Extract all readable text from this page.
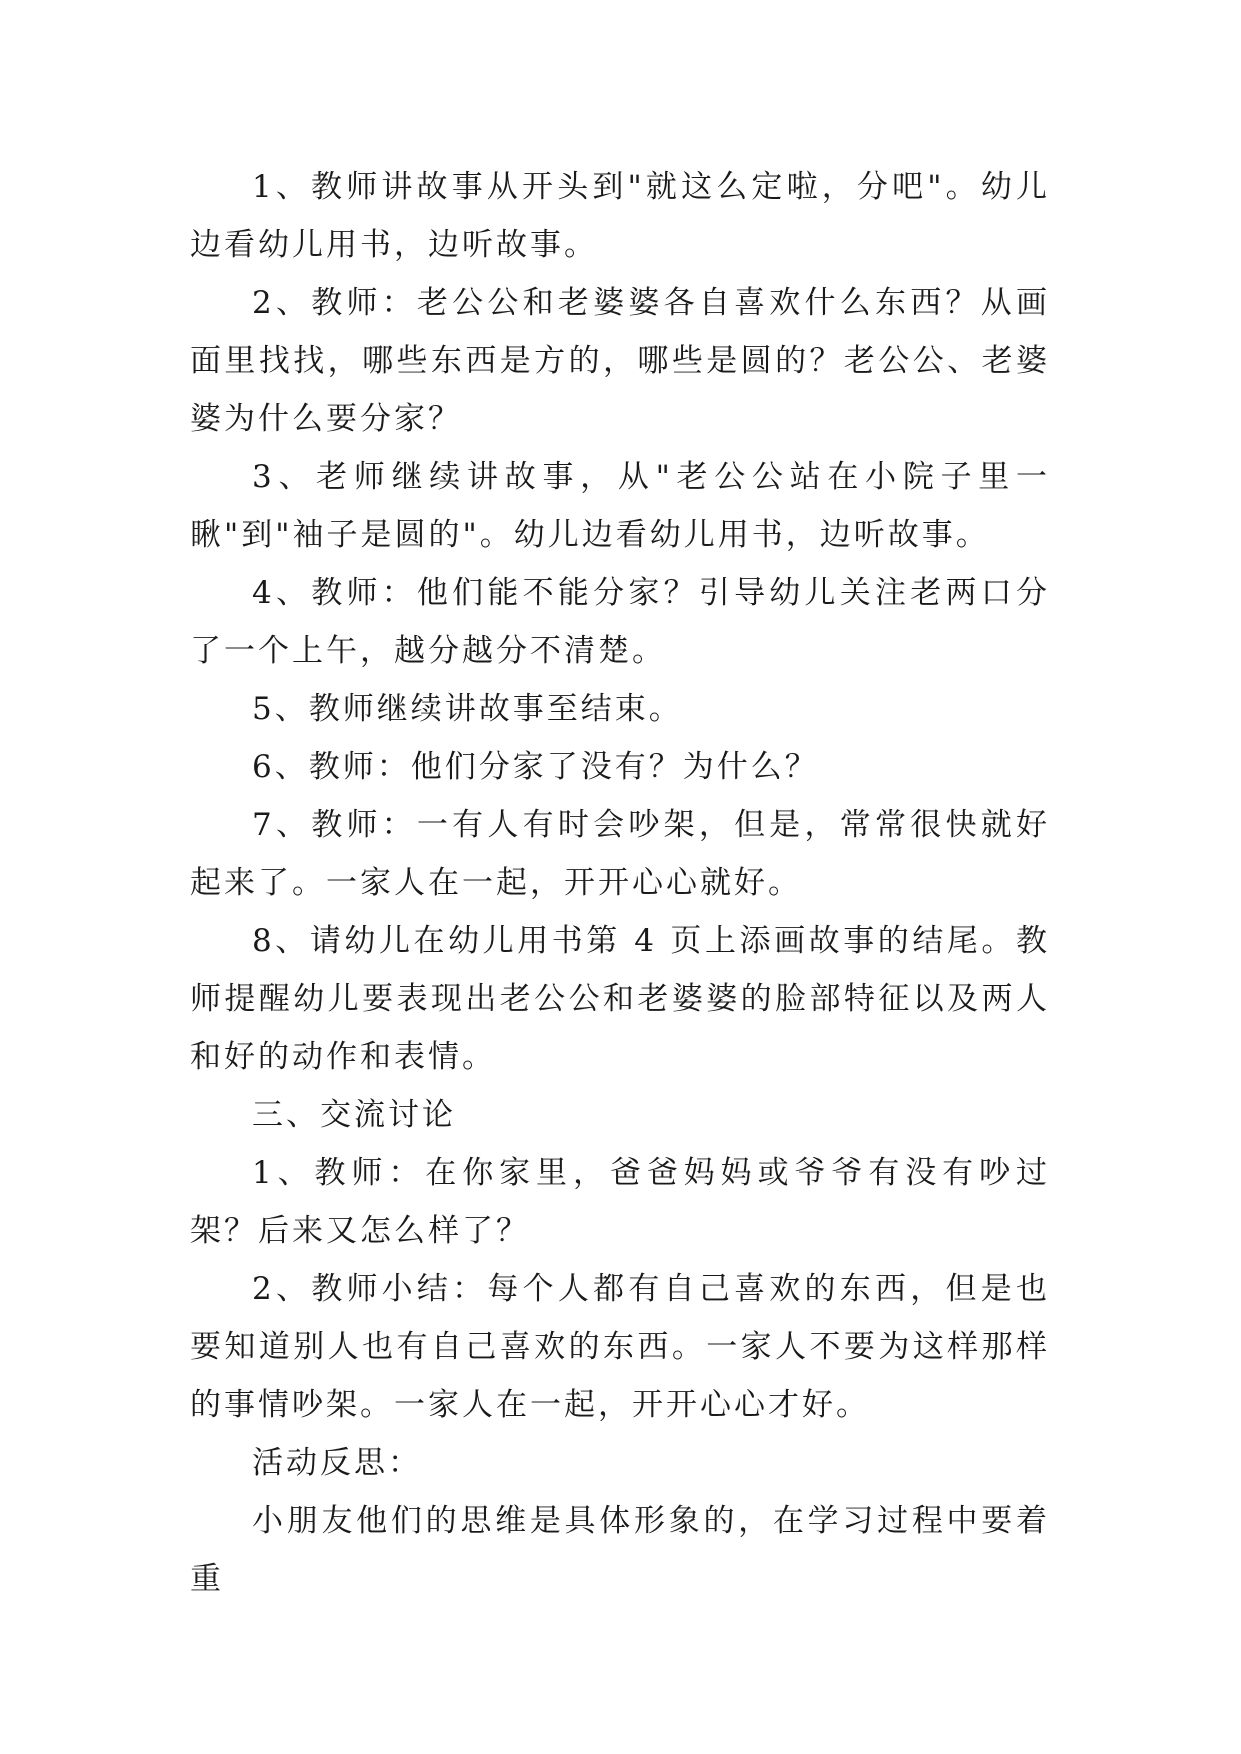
1、教师讲故事从开头到"就这么定啦，分吧"。幼儿边看幼儿用书，边听故事。

2、教师：老公公和老婆婆各自喜欢什么东西？从画面里找找，哪些东西是方的，哪些是圆的？老公公、老婆婆为什么要分家？

3、老师继续讲故事，从"老公公站在小院子里一瞅"到"袖子是圆的"。幼儿边看幼儿用书，边听故事。

4、教师：他们能不能分家？引导幼儿关注老两口分了一个上午，越分越分不清楚。

5、教师继续讲故事至结束。

6、教师：他们分家了没有？为什么？

7、教师：一有人有时会吵架，但是，常常很快就好起来了。一家人在一起，开开心心就好。

8、请幼儿在幼儿用书第 4 页上添画故事的结尾。教师提醒幼儿要表现出老公公和老婆婆的脸部特征以及两人和好的动作和表情。

三、交流讨论

1、教师：在你家里，爸爸妈妈或爷爷有没有吵过架？后来又怎么样了？

2、教师小结：每个人都有自己喜欢的东西，但是也要知道别人也有自己喜欢的东西。一家人不要为这样那样的事情吵架。一家人在一起，开开心心才好。

活动反思：

小朋友他们的思维是具体形象的，在学习过程中要着重
